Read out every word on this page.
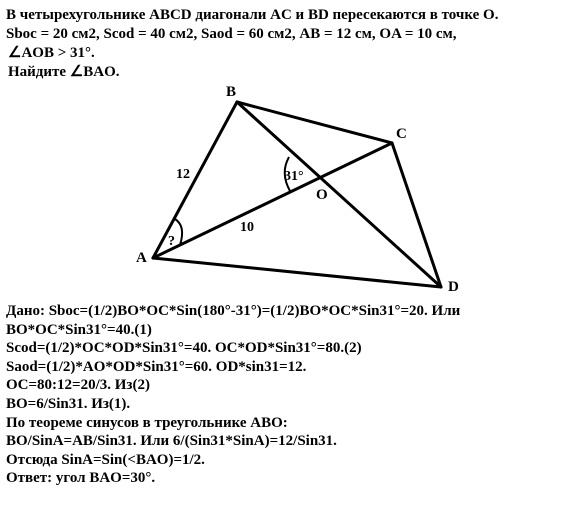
В четырехугольнике ABCD диагонали AC и BD пересекаются в точке O.
Sboc = 20 см2, Scod = 40 см2, Saod = 60 см2, AB = 12 см, OA = 10 см,
∠AOB > 31°.
Найдите ∠BAO.
B
C
O
A
D
12
10
31°
?
Дано: Sboc=(1/2)BO*OC*Sin(180°-31°)=(1/2)BO*OC*Sin31°=20. Или
BO*OC*Sin31°=40.(1)
Scod=(1/2)*OC*OD*Sin31°=40. OC*OD*Sin31°=80.(2)
Saod=(1/2)*AO*OD*Sin31°=60. OD*sin31=12.
OC=80:12=20/3. Из(2)
BO=6/Sin31. Из(1).
По теореме синусов в треугольнике ABO:
BO/SinA=AB/Sin31. Или 6/(Sin31*SinA)=12/Sin31.
Отсюда SinA=Sin(<BAO)=1/2.
Ответ: угол BAO=30°.
